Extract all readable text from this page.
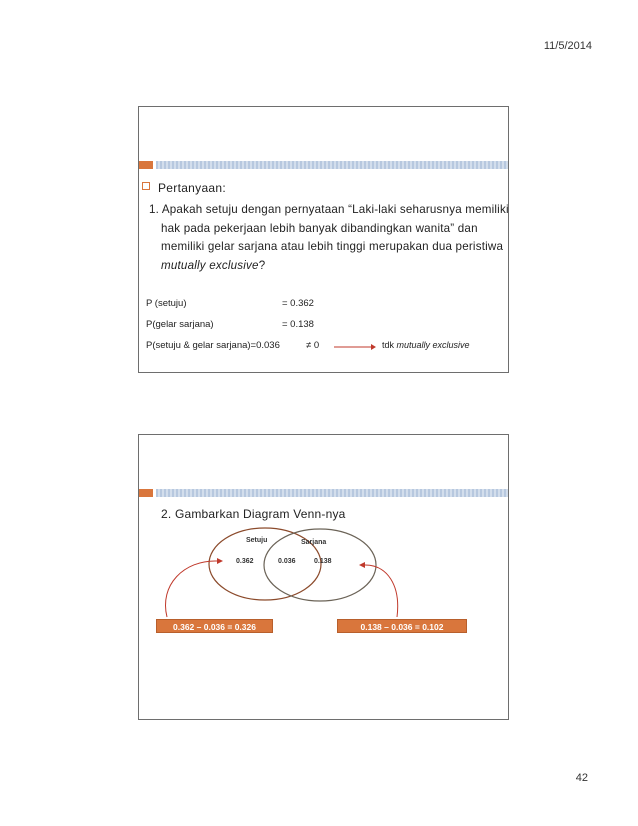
11/5/2014
Pertanyaan:
1. Apakah setuju dengan pernyataan “Laki-laki seharusnya memiliki hak pada pekerjaan lebih banyak dibandingkan wanita” dan memiliki gelar sarjana atau lebih tinggi merupakan dua peristiwa mutually exclusive?
P (setuju)	= 0.362
P(gelar sarjana)	= 0.138
P(setuju & gelar sarjana)=0.036	≠ 0	tdk mutually exclusive
2. Gambarkan Diagram Venn-nya
Setuju	Sarjana
0.362	0.036	0.138
0.362 – 0.036 = 0.326	0.138 – 0.036 = 0.102
42
